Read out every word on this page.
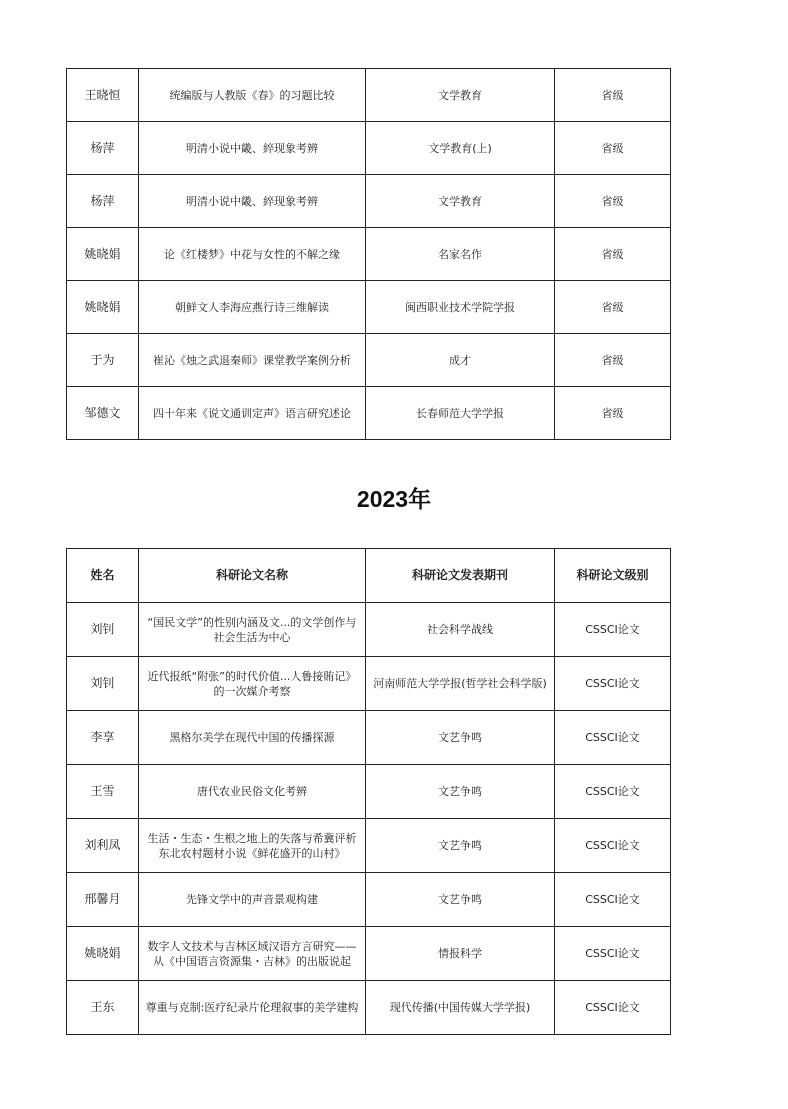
王晓恒	统编版与人教版《春》的习题比较	文学教育	省级
杨萍	明清小说中畿、綷现象考辨	文学教育(上)	省级
杨萍	明清小说中畿、綷现象考辨	文学教育	省级
姚晓娟	论《红楼梦》中花与女性的不解之缘	名家名作	省级
姚晓娟	朝鲜文人李海应燕行诗三维解读	闽西职业技术学院学报	省级
于为	崔沁《烛之武退秦师》课堂教学案例分析	成才	省级
邹德文	四十年来《说文通训定声》语言研究述论	长春师范大学学报	省级
2023年
姓名	科研论文名称	科研论文发表期刊	科研论文级别
刘钊	“国民文学”的性别内涵及文...的文学创作与社会生活为中心	社会科学战线	CSSCI论文
刘钊	近代报纸“附张”的时代价值...人鲁接賄记》的一次媒介考察	河南师范大学学报(哲学社会科学版)	CSSCI论文
李享	黑格尔美学在现代中国的传播探源	文艺争鸣	CSSCI论文
王雪	唐代农业民俗文化考辨	文艺争鸣	CSSCI论文
刘利凤	生活・生态・生根之地上的失落与希冀评析东北农村题材小说《鲜花盛开的山村》	文艺争鸣	CSSCI论文
邢馨月	先锋文学中的声音景观构建	文艺争鸣	CSSCI论文
姚晓娟	数字人文技术与吉林区域汉语方言研究——从《中国语言资源集・吉林》的出版说起	情报科学	CSSCI论文
王东	尊重与克制:医疗纪录片伦理叙事的美学建构	现代传播(中国传媒大学学报)	CSSCI论文
